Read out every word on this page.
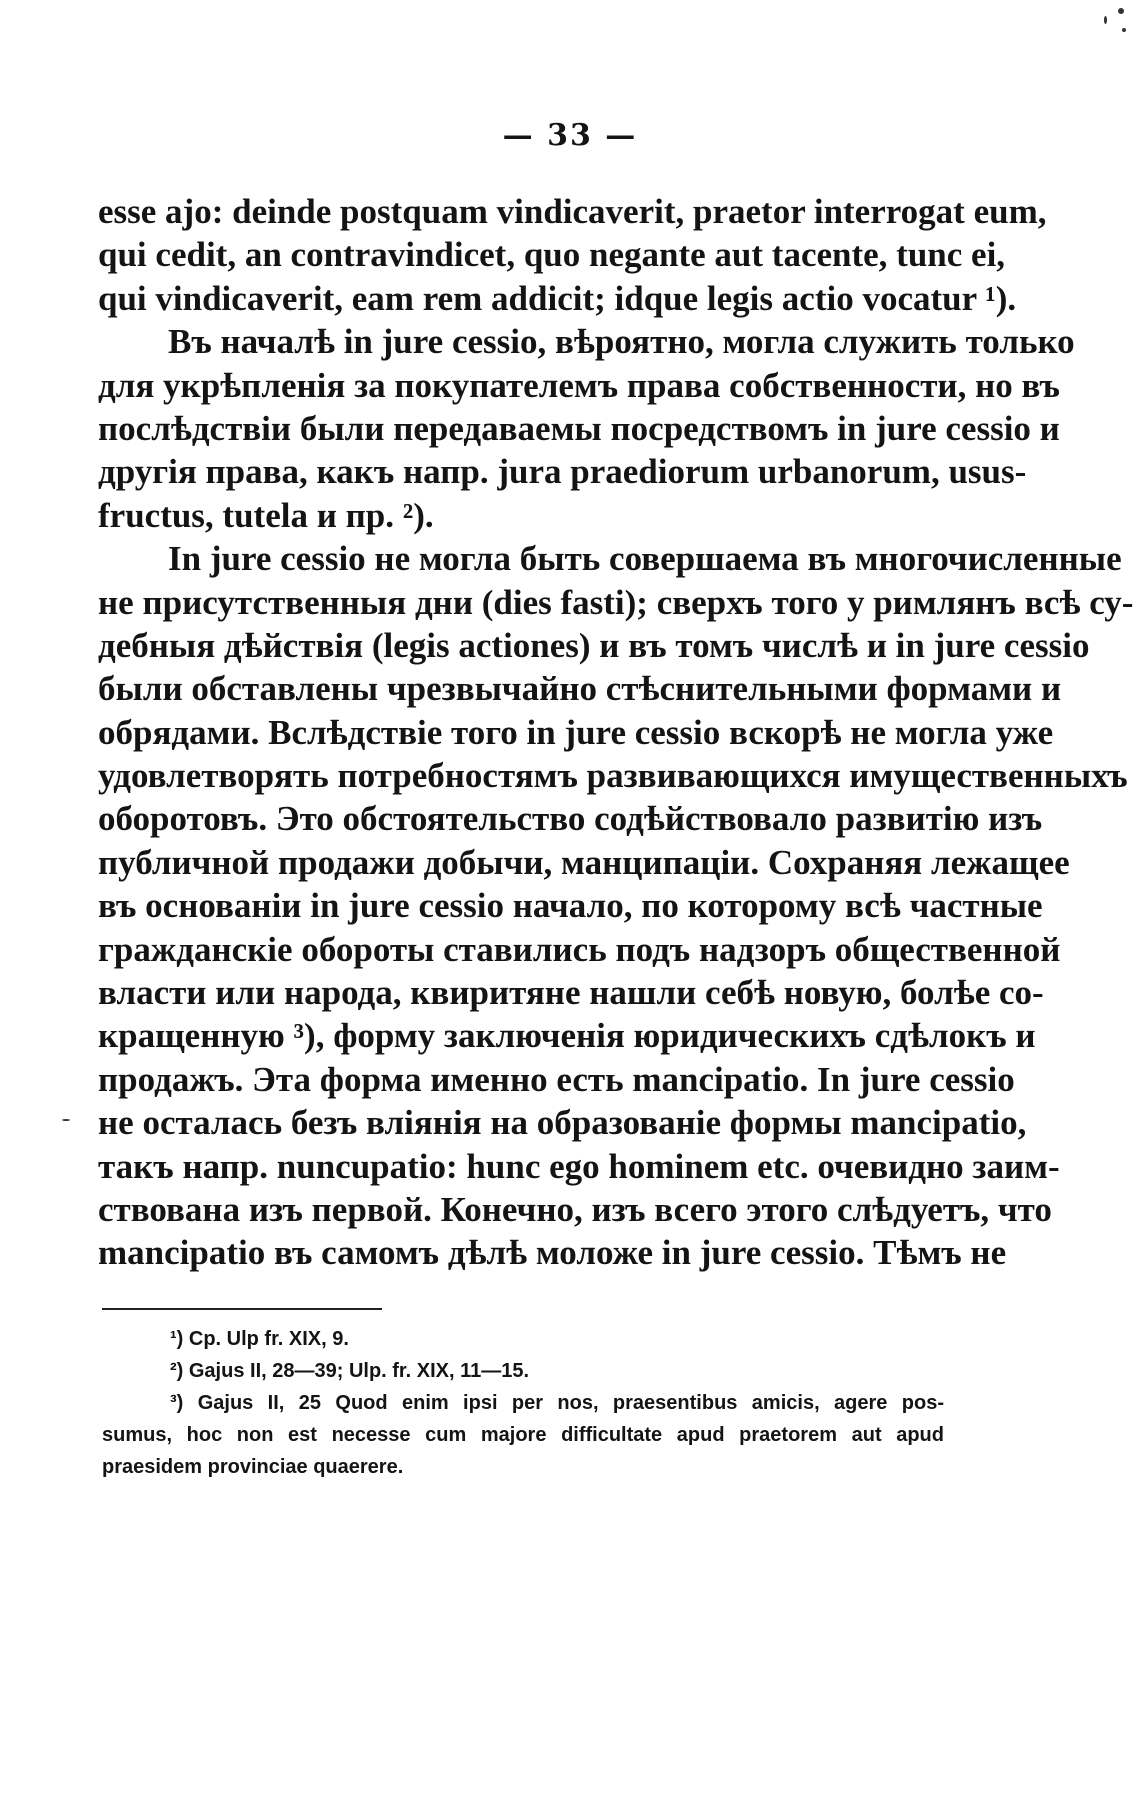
— 33 —
esse ajo: deinde postquam vindicaverit, praetor interrogat eum,
qui cedit, an contravindicet, quo negante aut tacente, tunc ei,
qui vindicaverit, eam rem addicit; idque legis actio vocatur ¹).
Въ началѣ in jure cessio, вѣроятно, могла служить только
для укрѣпленія за покупателемъ права собственности, но въ
послѣдствіи были передаваемы посредствомъ in jure cessio и
другія права, какъ напр. jura praediorum urbanorum, usus-
fructus, tutela и пр. ²).
In jure cessio не могла быть совершаема въ многочисленные
не присутственныя дни (dies fasti); сверхъ того у римлянъ всѣ су-
дебныя дѣйствія (legis actiones) и въ томъ числѣ и in jure cessio
были обставлены чрезвычайно стѣснительными формами и
обрядами. Вслѣдствіе того in jure cessio вскорѣ не могла уже
удовлетворять потребностямъ развивающихся имущественныхъ
оборотовъ. Это обстоятельство содѣйствовало развитію изъ
публичной продажи добычи, манципаціи. Сохраняя лежащее
въ основаніи in jure cessio начало, по которому всѣ частные
гражданскіе обороты ставились подъ надзоръ общественной
власти или народа, квиритяне нашли себѣ новую, болѣе со-
кращенную ³), форму заключенія юридическихъ сдѣлокъ и
продажъ. Эта форма именно есть mancipatio. In jure cessio
не осталась безъ вліянія на образованіе формы mancipatio,
такъ напр. nuncupatio: hunc ego hominem etc. очевидно заим-
ствована изъ первой. Конечно, изъ всего этого слѣдуетъ, что
mancipatio въ самомъ дѣлѣ моложе in jure cessio. Тѣмъ не
¹) Cp. Ulp fr. XIX, 9.
²) Gajus II, 28—39; Ulp. fr. XIX, 11—15.
³) Gajus II, 25 Quod enim ipsi per nos, praesentibus amicis, agere pos-
sumus, hoc non est necesse cum majore difficultate apud praetorem aut apud
praesidem provinciae quaerere.
